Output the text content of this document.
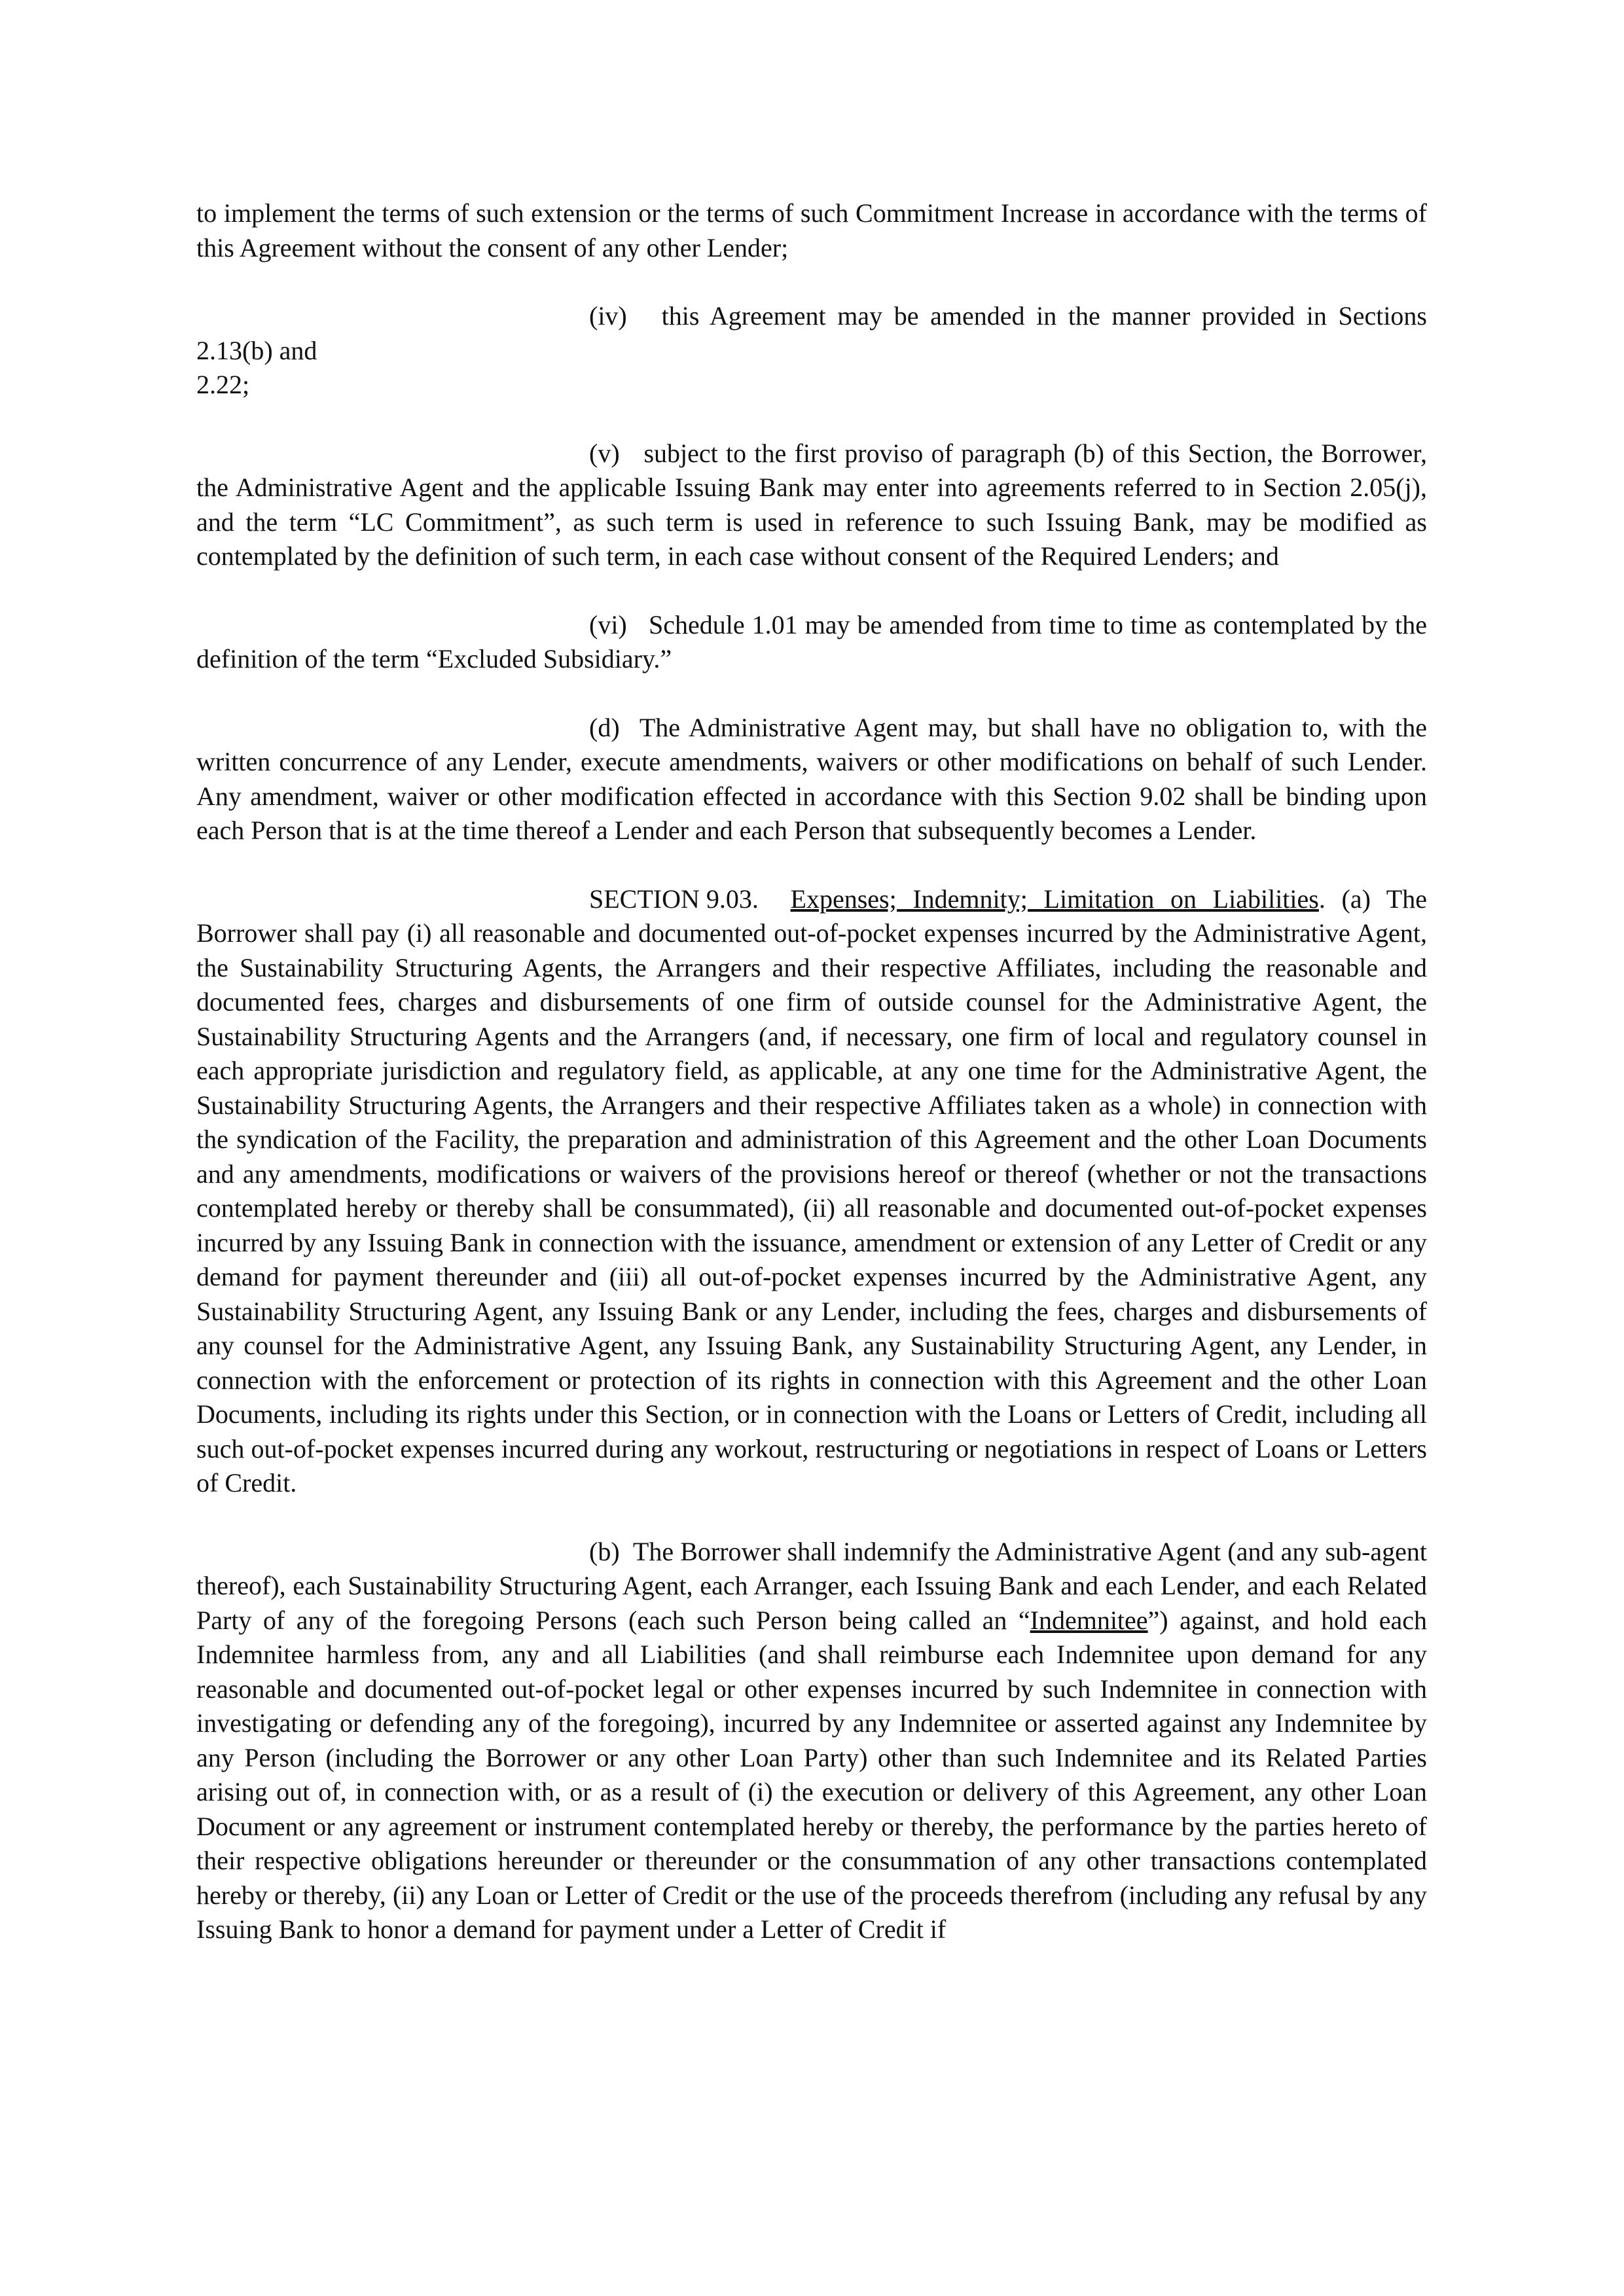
to implement the terms of such extension or the terms of such Commitment Increase in accordance with the terms of this Agreement without the consent of any other Lender;

(iv) this Agreement may be amended in the manner provided in Sections 2.13(b) and

2.22;

(v) subject to the first proviso of paragraph (b) of this Section, the Borrower, the Administrative Agent and the applicable Issuing Bank may enter into agreements referred to in Section 2.05(j), and the term “LC Commitment”, as such term is used in reference to such Issuing Bank, may be modified as contemplated by the definition of such term, in each case without consent of the Required Lenders; and

(vi) Schedule 1.01 may be amended from time to time as contemplated by the definition of the term “Excluded Subsidiary.”

(d) The Administrative Agent may, but shall have no obligation to, with the written concurrence of any Lender, execute amendments, waivers or other modifications on behalf of such Lender. Any amendment, waiver or other modification effected in accordance with this Section 9.02 shall be binding upon each Person that is at the time thereof a Lender and each Person that subsequently becomes a Lender.

SECTION 9.03. Expenses; Indemnity; Limitation on Liabilities. (a) The Borrower shall pay (i) all reasonable and documented out-of-pocket expenses incurred by the Administrative Agent, the Sustainability Structuring Agents, the Arrangers and their respective Affiliates, including the reasonable and documented fees, charges and disbursements of one firm of outside counsel for the Administrative Agent, the Sustainability Structuring Agents and the Arrangers (and, if necessary, one firm of local and regulatory counsel in each appropriate jurisdiction and regulatory field, as applicable, at any one time for the Administrative Agent, the Sustainability Structuring Agents, the Arrangers and their respective Affiliates taken as a whole) in connection with the syndication of the Facility, the preparation and administration of this Agreement and the other Loan Documents and any amendments, modifications or waivers of the provisions hereof or thereof (whether or not the transactions contemplated hereby or thereby shall be consummated), (ii) all reasonable and documented out-of-pocket expenses incurred by any Issuing Bank in connection with the issuance, amendment or extension of any Letter of Credit or any demand for payment thereunder and (iii) all out-of-pocket expenses incurred by the Administrative Agent, any Sustainability Structuring Agent, any Issuing Bank or any Lender, including the fees, charges and disbursements of any counsel for the Administrative Agent, any Issuing Bank, any Sustainability Structuring Agent, any Lender, in connection with the enforcement or protection of its rights in connection with this Agreement and the other Loan Documents, including its rights under this Section, or in connection with the Loans or Letters of Credit, including all such out-of-pocket expenses incurred during any workout, restructuring or negotiations in respect of Loans or Letters of Credit.

(b) The Borrower shall indemnify the Administrative Agent (and any sub-agent thereof), each Sustainability Structuring Agent, each Arranger, each Issuing Bank and each Lender, and each Related Party of any of the foregoing Persons (each such Person being called an “Indemnitee”) against, and hold each Indemnitee harmless from, any and all Liabilities (and shall reimburse each Indemnitee upon demand for any reasonable and documented out-of-pocket legal or other expenses incurred by such Indemnitee in connection with investigating or defending any of the foregoing), incurred by any Indemnitee or asserted against any Indemnitee by any Person (including the Borrower or any other Loan Party) other than such Indemnitee and its Related Parties arising out of, in connection with, or as a result of (i) the execution or delivery of this Agreement, any other Loan Document or any agreement or instrument contemplated hereby or thereby, the performance by the parties hereto of their respective obligations hereunder or thereunder or the consummation of any other transactions contemplated hereby or thereby, (ii) any Loan or Letter of Credit or the use of the proceeds therefrom (including any refusal by any Issuing Bank to honor a demand for payment under a Letter of Credit if
